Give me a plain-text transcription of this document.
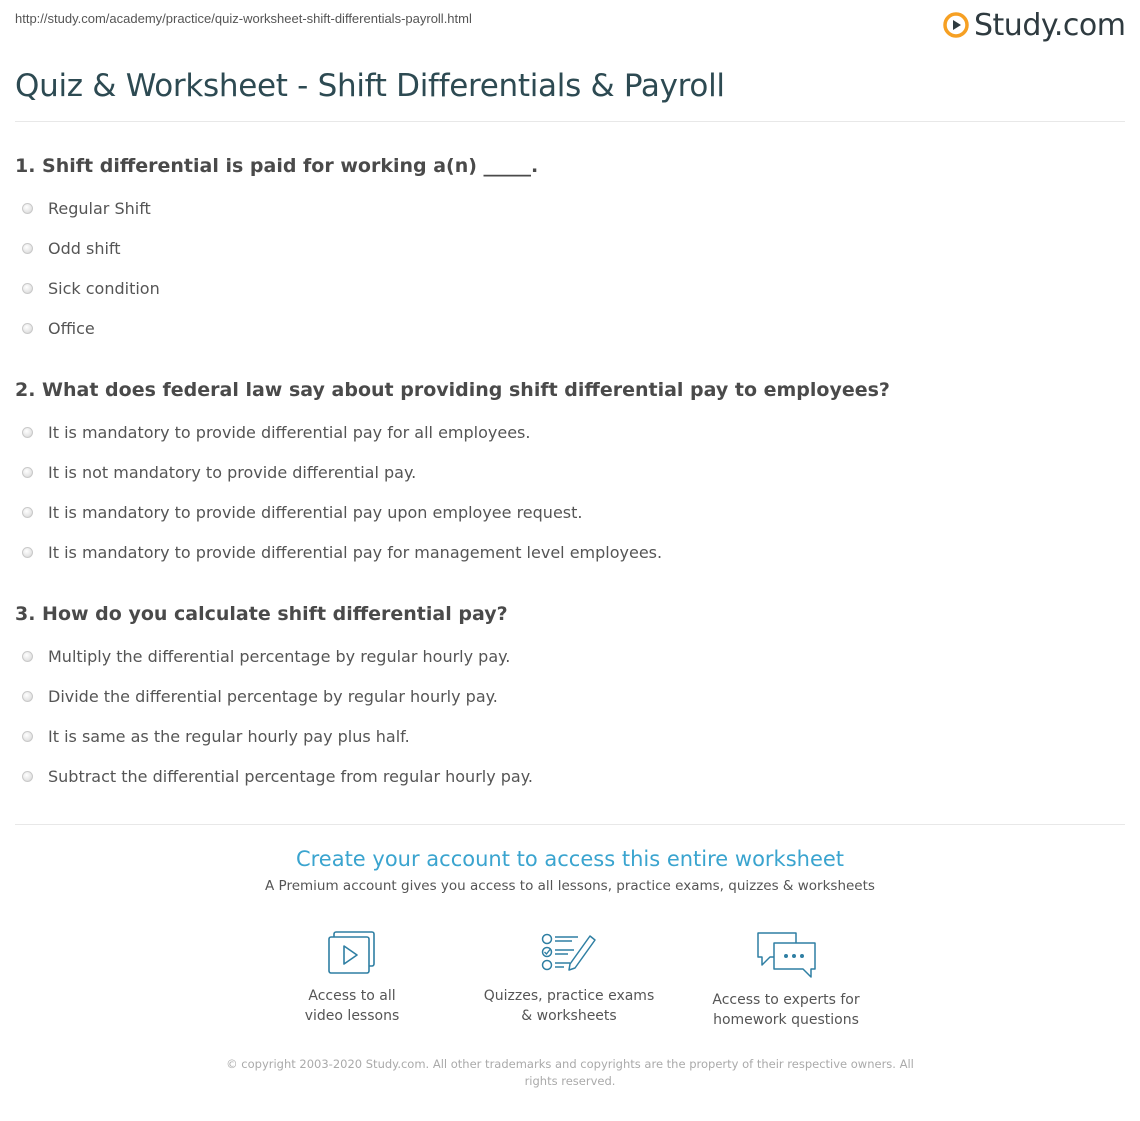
http://study.com/academy/practice/quiz-worksheet-shift-differentials-payroll.html	Study.com
Quiz & Worksheet - Shift Differentials & Payroll
1. Shift differential is paid for working a(n) _____.
Regular Shift
Odd shift
Sick condition
Office
2. What does federal law say about providing shift differential pay to employees?
It is mandatory to provide differential pay for all employees.
It is not mandatory to provide differential pay.
It is mandatory to provide differential pay upon employee request.
It is mandatory to provide differential pay for management level employees.
3. How do you calculate shift differential pay?
Multiply the differential percentage by regular hourly pay.
Divide the differential percentage by regular hourly pay.
It is same as the regular hourly pay plus half.
Subtract the differential percentage from regular hourly pay.
Create your account to access this entire worksheet
A Premium account gives you access to all lessons, practice exams, quizzes & worksheets
Access to all
video lessons
Quizzes, practice exams
& worksheets
Access to experts for
homework questions
© copyright 2003-2020 Study.com. All other trademarks and copyrights are the property of their respective owners. All rights reserved.
